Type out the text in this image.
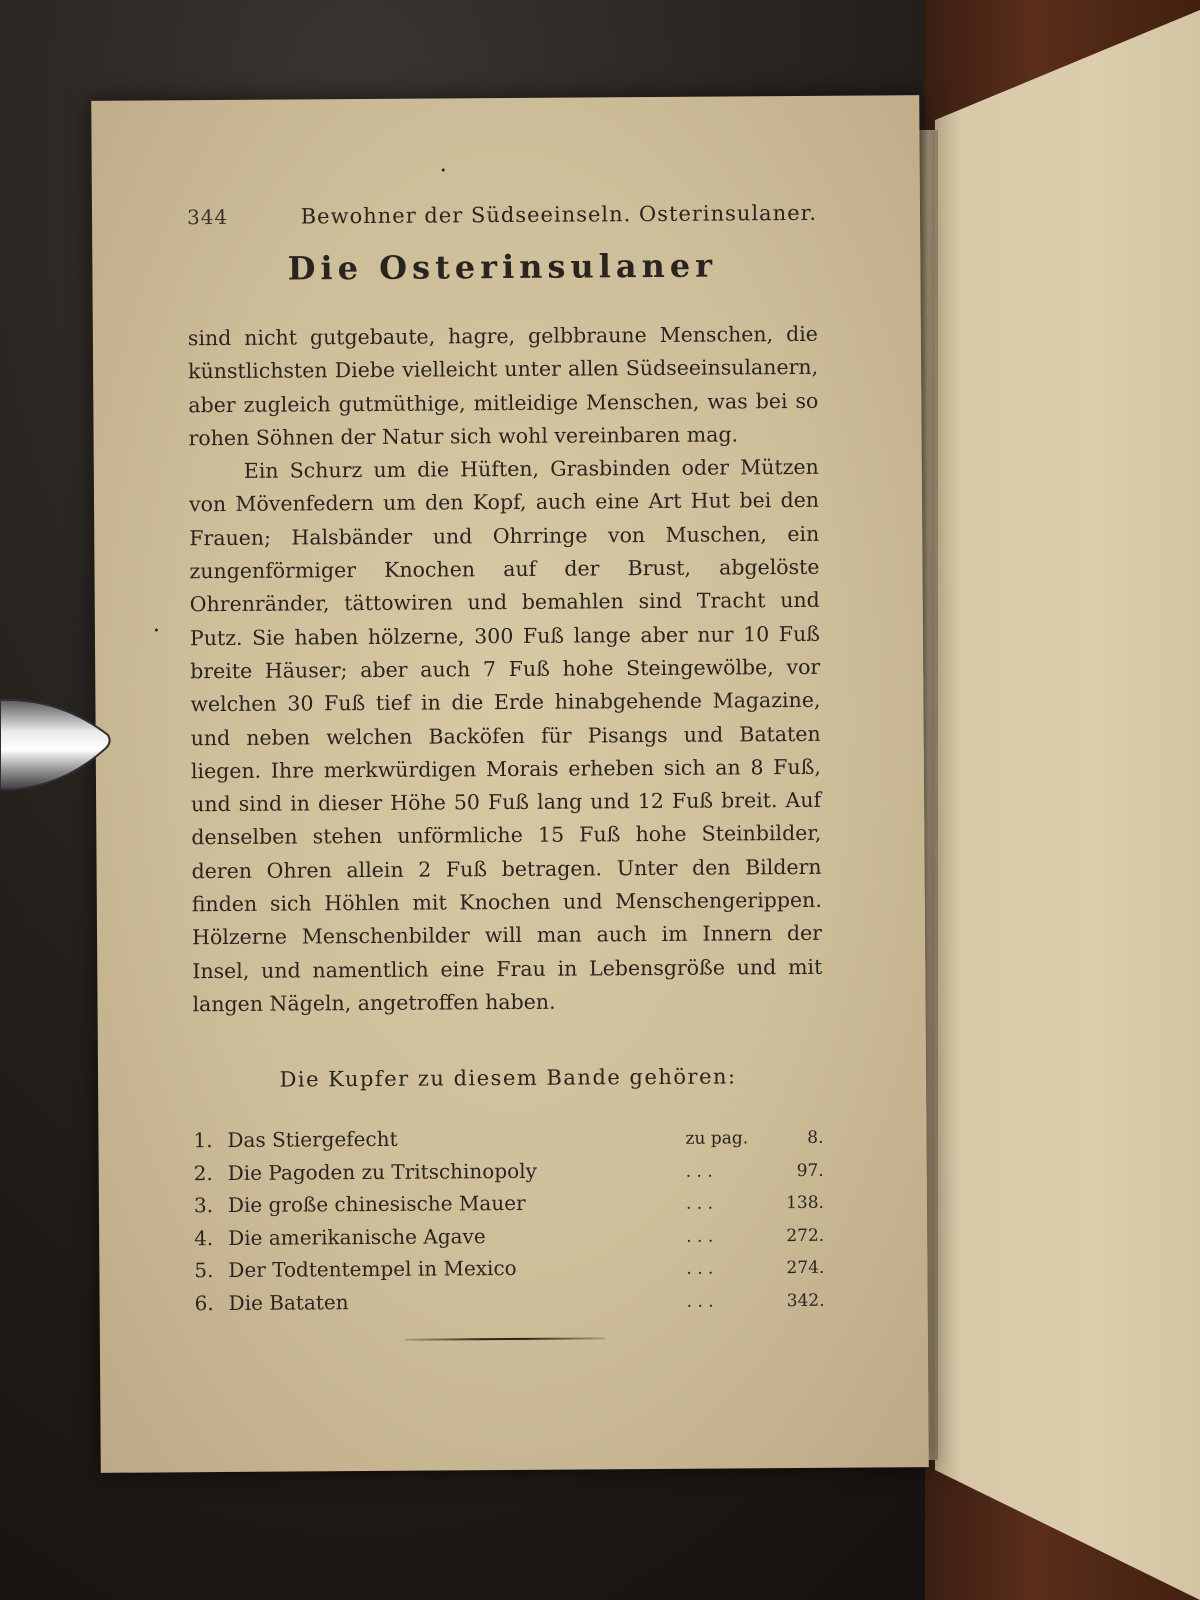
344	Bewohner der Südseeinseln. Osterinsulaner.
Die Osterinsulaner

sind nicht gutgebaute, hagre, gelbbraune Menschen, die künstlichsten Diebe vielleicht unter allen Südseeinsulanern, aber zugleich gutmüthige, mitleidige Menschen, was bei so rohen Söhnen der Natur sich wohl vereinbaren mag.

Ein Schurz um die Hüften, Grasbinden oder Mützen von Mövenfedern um den Kopf, auch eine Art Hut bei den Frauen; Halsbänder und Ohrringe von Muschen, ein zungenförmiger Knochen auf der Brust, abgelöste Ohrenränder, tättowiren und bemahlen sind Tracht und Putz. Sie haben hölzerne, 300 Fuß lange aber nur 10 Fuß breite Häuser; aber auch 7 Fuß hohe Steingewölbe, vor welchen 30 Fuß tief in die Erde hinabgehende Magazine, und neben welchen Backöfen für Pisangs und Bataten liegen. Ihre merkwürdigen Morais erheben sich an 8 Fuß, und sind in dieser Höhe 50 Fuß lang und 12 Fuß breit. Auf denselben stehen unförmliche 15 Fuß hohe Steinbilder, deren Ohren allein 2 Fuß betragen. Unter den Bildern finden sich Höhlen mit Knochen und Menschengerippen. Hölzerne Menschenbilder will man auch im Innern der Insel, und namentlich eine Frau in Lebensgröße und mit langen Nägeln, angetroffen haben.

Die Kupfer zu diesem Bande gehören:
1. Das Stiergefecht	zu pag.	8.
2. Die Pagoden zu Tritschinopoly	. . .	97.
3. Die große chinesische Mauer	. . .	138.
4. Die amerikanische Agave	. . .	272.
5. Der Todtentempel in Mexico	. . .	274.
6. Die Bataten	. . .	342.
